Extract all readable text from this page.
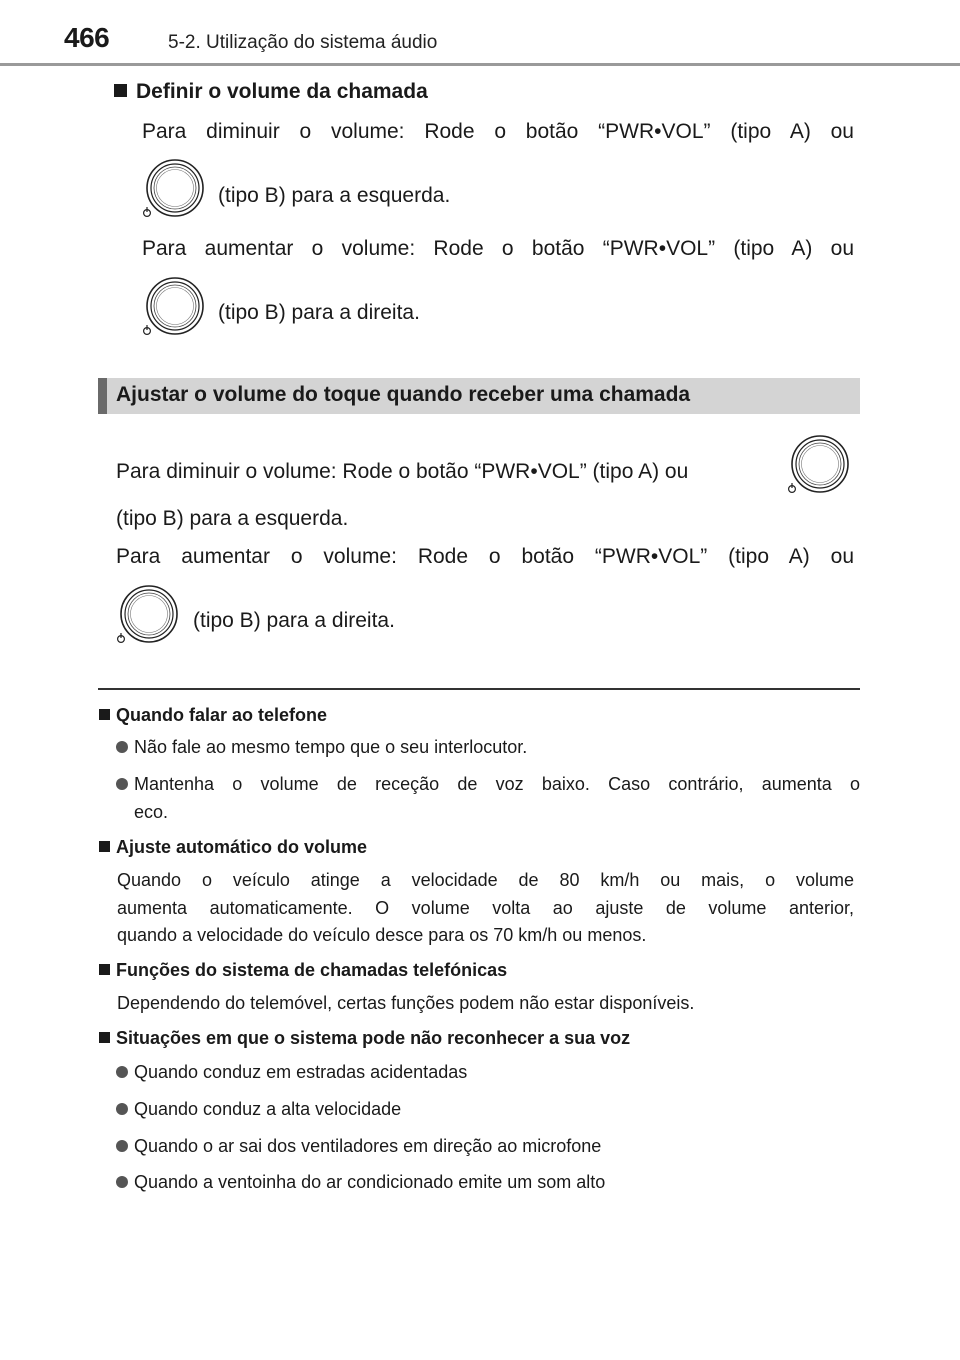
466	5-2. Utilização do sistema áudio
Definir o volume da chamada
Para diminuir o volume: Rode o botão “PWR•VOL” (tipo A) ou
(tipo B) para a esquerda.
Para aumentar o volume: Rode o botão “PWR•VOL” (tipo A) ou
(tipo B) para a direita.
Ajustar o volume do toque quando receber uma chamada
Para diminuir o volume: Rode o botão “PWR•VOL” (tipo A) ou
(tipo B) para a esquerda.
Para aumentar o volume: Rode o botão “PWR•VOL” (tipo A) ou
(tipo B) para a direita.
Quando falar ao telefone
Não fale ao mesmo tempo que o seu interlocutor.
Mantenha o volume de receção de voz baixo. Caso contrário, aumenta o
eco.
Ajuste automático do volume
Quando o veículo atinge a velocidade de 80 km/h ou mais, o volume
aumenta automaticamente. O volume volta ao ajuste de volume anterior,
quando a velocidade do veículo desce para os 70 km/h ou menos.
Funções do sistema de chamadas telefónicas
Dependendo do telemóvel, certas funções podem não estar disponíveis.
Situações em que o sistema pode não reconhecer a sua voz
Quando conduz em estradas acidentadas
Quando conduz a alta velocidade
Quando o ar sai dos ventiladores em direção ao microfone
Quando a ventoinha do ar condicionado emite um som alto
